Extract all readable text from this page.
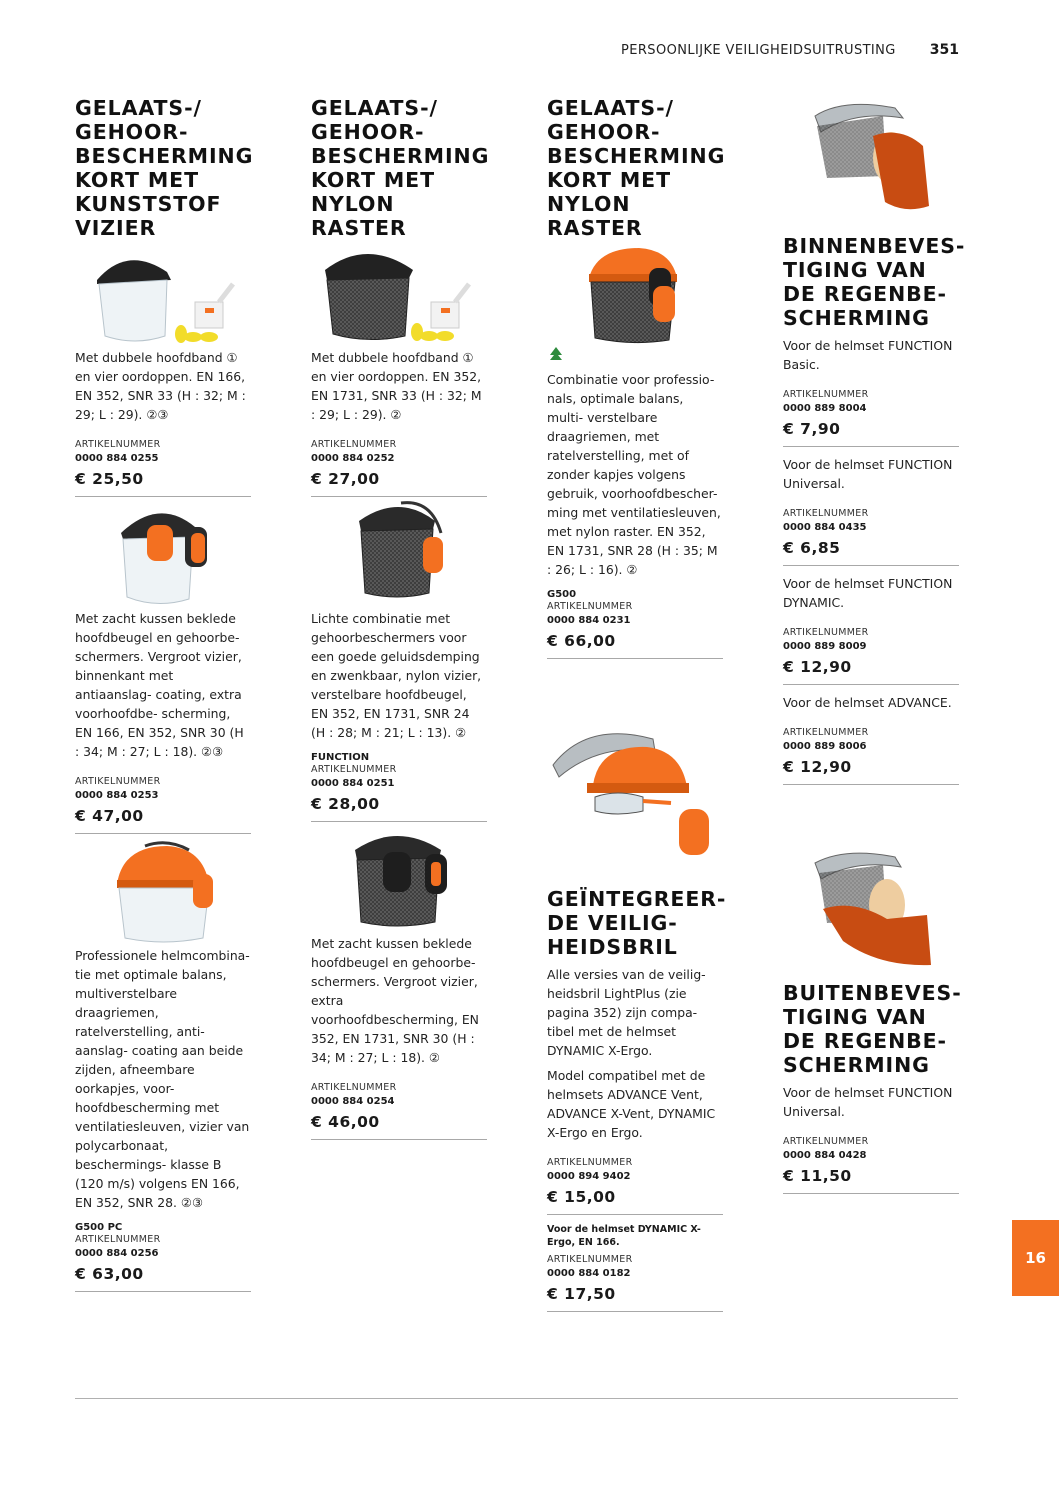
PERSOONLIJKE VEILIGHEIDSUITRUSTING 351
GELAATS-/ GEHOOR- BESCHERMING KORT MET KUNSTSTOF VIZIER

Met dubbele hoofdband ① en vier oordoppen. EN 166, EN 352, SNR 33 (H : 32; M : 29; L : 29). ②③

ARTIKELNUMMER
0000 884 0255
€ 25,50

Met zacht kussen beklede hoofdbeugel en gehoorbe- schermers. Vergroot vizier, binnenkant met antiaanslag- coating, extra voorhoofdbe- scherming, EN 166, EN 352, SNR 30 (H : 34; M : 27; L : 18). ②③

ARTIKELNUMMER
0000 884 0253
€ 47,00

Professionele helmcombina- tie met optimale balans, multiverstelbare draagriemen, ratelverstelling, anti-aanslag- coating aan beide zijden, afneembare oorkapjes, voor- hoofdbescherming met ventilatiesleuven, vizier van polycarbonaat, beschermings- klasse B (120 m/s) volgens EN 166, EN 352, SNR 28. ②③

G500 PC
ARTIKELNUMMER
0000 884 0256
€ 63,00
GELAATS-/ GEHOOR- BESCHERMING KORT MET NYLON RASTER

Met dubbele hoofdband ① en vier oordoppen. EN 352, EN 1731, SNR 33 (H : 32; M : 29; L : 29). ②

ARTIKELNUMMER
0000 884 0252
€ 27,00

Lichte combinatie met gehoorbeschermers voor een goede geluidsdemping en zwenkbaar, nylon vizier, verstelbare hoofdbeugel, EN 352, EN 1731, SNR 24 (H : 28; M : 21; L : 13). ②

FUNCTION
ARTIKELNUMMER
0000 884 0251
€ 28,00

Met zacht kussen beklede hoofdbeugel en gehoorbe- schermers. Vergroot vizier, extra voorhoofdbescherming, EN 352, EN 1731, SNR 30 (H : 34; M : 27; L : 18). ②

ARTIKELNUMMER
0000 884 0254
€ 46,00
GELAATS-/ GEHOOR- BESCHERMING KORT MET NYLON RASTER

Combinatie voor professio- nals, optimale balans, multi- verstelbare draagriemen, met ratelverstelling, met of zonder kapjes volgens gebruik, voorhoofdbescher- ming met ventilatiesleuven, met nylon raster. EN 352, EN 1731, SNR 28 (H : 35; M : 26; L : 16). ②

G500
ARTIKELNUMMER
0000 884 0231
€ 66,00
GEÏNTEGREER- DE VEILIG- HEIDSBRIL

Alle versies van de veilig- heidsbril LightPlus (zie pagina 352) zijn compa- tibel met de helmset DYNAMIC X-Ergo.

Model compatibel met de helmsets ADVANCE Vent, ADVANCE X-Vent, DYNAMIC X-Ergo en Ergo.

ARTIKELNUMMER
0000 894 9402
€ 15,00
Voor de helmset DYNAMIC X-Ergo, EN 166.
ARTIKELNUMMER
0000 884 0182
€ 17,50
BINNENBEVES- TIGING VAN DE REGENBE- SCHERMING

Voor de helmset FUNCTION Basic.

ARTIKELNUMMER
0000 889 8004
€ 7,90

Voor de helmset FUNCTION Universal.

ARTIKELNUMMER
0000 884 0435
€ 6,85

Voor de helmset FUNCTION DYNAMIC.

ARTIKELNUMMER
0000 889 8009
€ 12,90

Voor de helmset ADVANCE.

ARTIKELNUMMER
0000 889 8006
€ 12,90
BUITENBEVES- TIGING VAN DE REGENBE- SCHERMING

Voor de helmset FUNCTION Universal.

ARTIKELNUMMER
0000 884 0428
€ 11,50
16
